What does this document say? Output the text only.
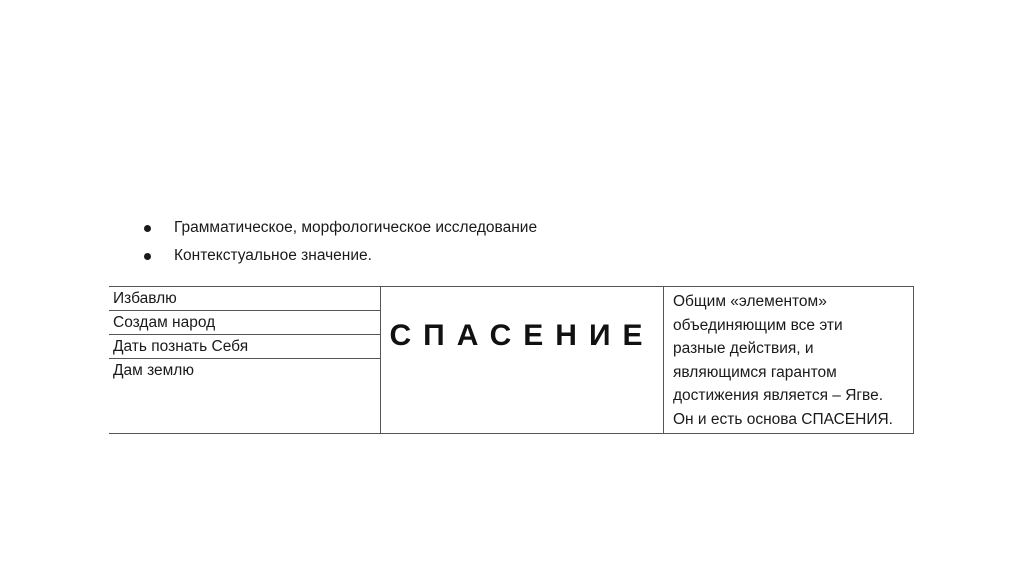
Грамматическое, морфологическое исследование
Контекстуальное значение.
Избавлю
Создам народ
Дать познать Себя
Дам землю

СПАСЕНИЕ

Общим «элементом»
объединяющим все эти
разные действия, и
являющимся гарантом
достижения является – Ягве.
Он и есть основа СПАСЕНИЯ.
